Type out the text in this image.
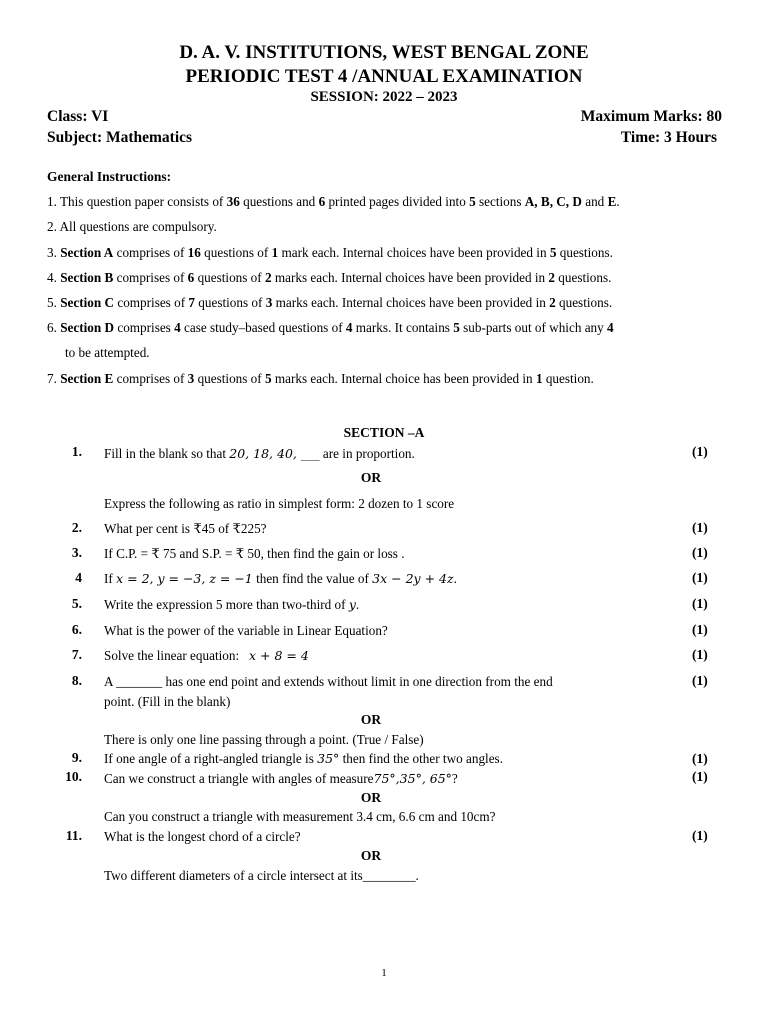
D. A. V. INSTITUTIONS, WEST BENGAL ZONE
PERIODIC TEST 4 /ANNUAL EXAMINATION
SESSION: 2022 – 2023
Class: VI
Subject: Mathematics
Maximum Marks: 80
Time: 3 Hours
General Instructions:
1. This question paper consists of 36 questions and 6 printed pages divided into 5 sections A, B, C, D and E.
2. All questions are compulsory.
3. Section A comprises of 16 questions of 1 mark each. Internal choices have been provided in 5 questions.
4. Section B comprises of 6 questions of 2 marks each. Internal choices have been provided in 2 questions.
5. Section C comprises of 7 questions of 3 marks each. Internal choices have been provided in 2 questions.
6. Section D comprises 4 case study–based questions of 4 marks. It contains 5 sub-parts out of which any 4
to be attempted.
7. Section E comprises of 3 questions of 5 marks each. Internal choice has been provided in 1 question.
SECTION –A
1. Fill in the blank so that 20, 18, 40, ___ are in proportion.	(1)
OR
Express the following as ratio in simplest form: 2 dozen to 1 score
2. What per cent is ₹45 of ₹225?	(1)
3. If C.P. = ₹ 75 and S.P. = ₹ 50, then find the gain or loss .	(1)
4 If x = 2, y = −3, z = −1 then find the value of 3x − 2y + 4z.	(1)
5. Write the expression 5 more than two-third of y.	(1)
6. What is the power of the variable in Linear Equation?	(1)
7. Solve the linear equation:   x + 8 = 4	(1)
8. A _______ has one end point and extends without limit in one direction from the end
point. (Fill in the blank)
(1)
OR
There is only one line passing through a point. (True / False)
9. If one angle of a right-angled triangle is 35° then find the other two angles.	(1)
10. Can we construct a triangle with angles of measure75°,35°, 65°?	(1)
OR
Can you construct a triangle with measurement 3.4 cm, 6.6 cm and 10cm?
11. What is the longest chord of a circle?	(1)
OR
Two different diameters of a circle intersect at its________.
1
